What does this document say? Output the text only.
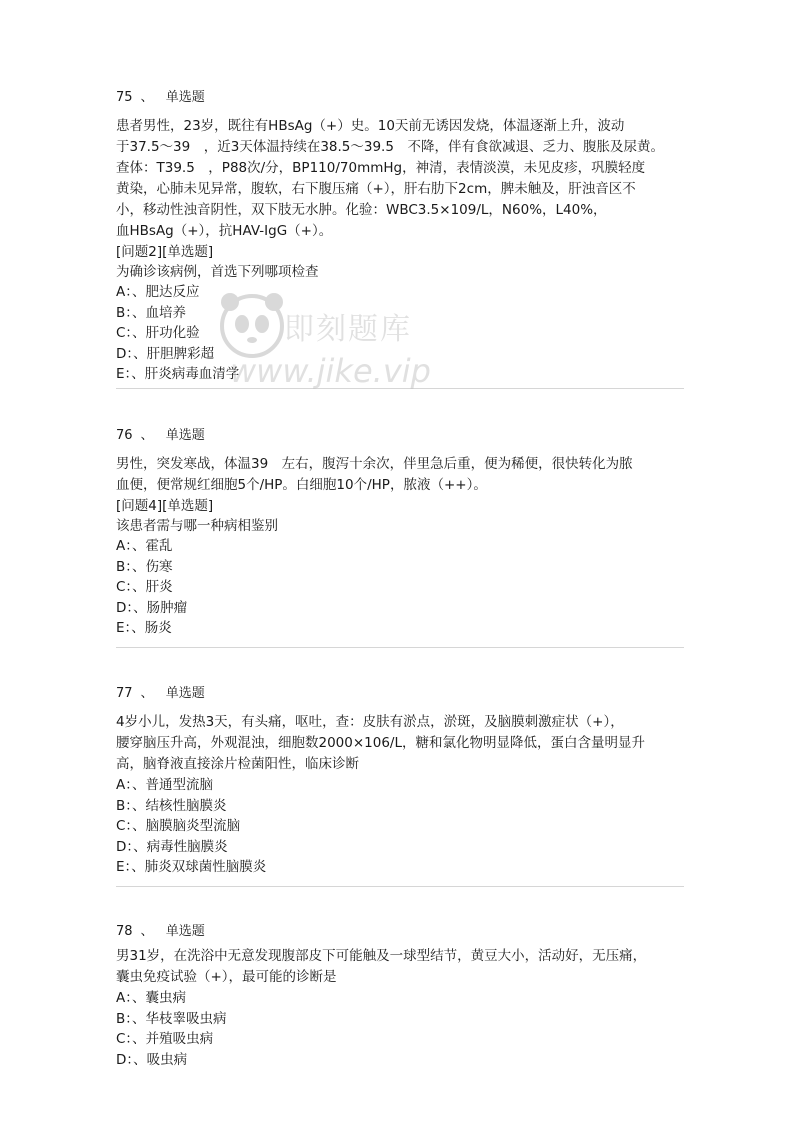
75 、 单选题

患者男性，23岁，既往有HBsAg（+）史。10天前无诱因发烧，体温逐渐上升，波动
于37.5～39　，近3天体温持续在38.5～39.5　不降，伴有食欲减退、乏力、腹胀及尿黄。
查体：T39.5　，P88次/分，BP110/70mmHg，神清，表情淡漠，未见皮疹，巩膜轻度
黄染，心肺未见异常，腹软，右下腹压痛（+），肝右肋下2cm，脾未触及，肝浊音区不
小，移动性浊音阴性，双下肢无水肿。化验：WBC3.5×109/L，N60%，L40%，
血HBsAg（+），抗HAV-IgG（+）。

[问题2][单选题]

为确诊该病例，首选下列哪项检查

A：、肥达反应

B：、血培养

C：、肝功化验

D：、肝胆脾彩超

E：、肝炎病毒血清学

即刻题库
www.jike.vip
76 、 单选题

男性，突发寒战，体温39　左右，腹泻十余次，伴里急后重，便为稀便，很快转化为脓
血便，便常规红细胞5个/HP。白细胞10个/HP，脓液（++）。

[问题4][单选题]

该患者需与哪一种病相鉴别

A：、霍乱

B：、伤寒

C：、肝炎

D：、肠肿瘤

E：、肠炎

77 、 单选题

4岁小儿，发热3天，有头痛，呕吐，查：皮肤有淤点，淤斑，及脑膜刺激症状（+），
腰穿脑压升高，外观混浊，细胞数2000×106/L，糖和氯化物明显降低，蛋白含量明显升
高，脑脊液直接涂片检菌阳性，临床诊断

A：、普通型流脑

B：、结核性脑膜炎

C：、脑膜脑炎型流脑

D：、病毒性脑膜炎

E：、肺炎双球菌性脑膜炎

78 、 单选题

男31岁，在洗浴中无意发现腹部皮下可能触及一球型结节，黄豆大小，活动好，无压痛，
囊虫免疫试验（+），最可能的诊断是

A：、囊虫病

B：、华枝睾吸虫病

C：、并殖吸虫病

D：、吸虫病
